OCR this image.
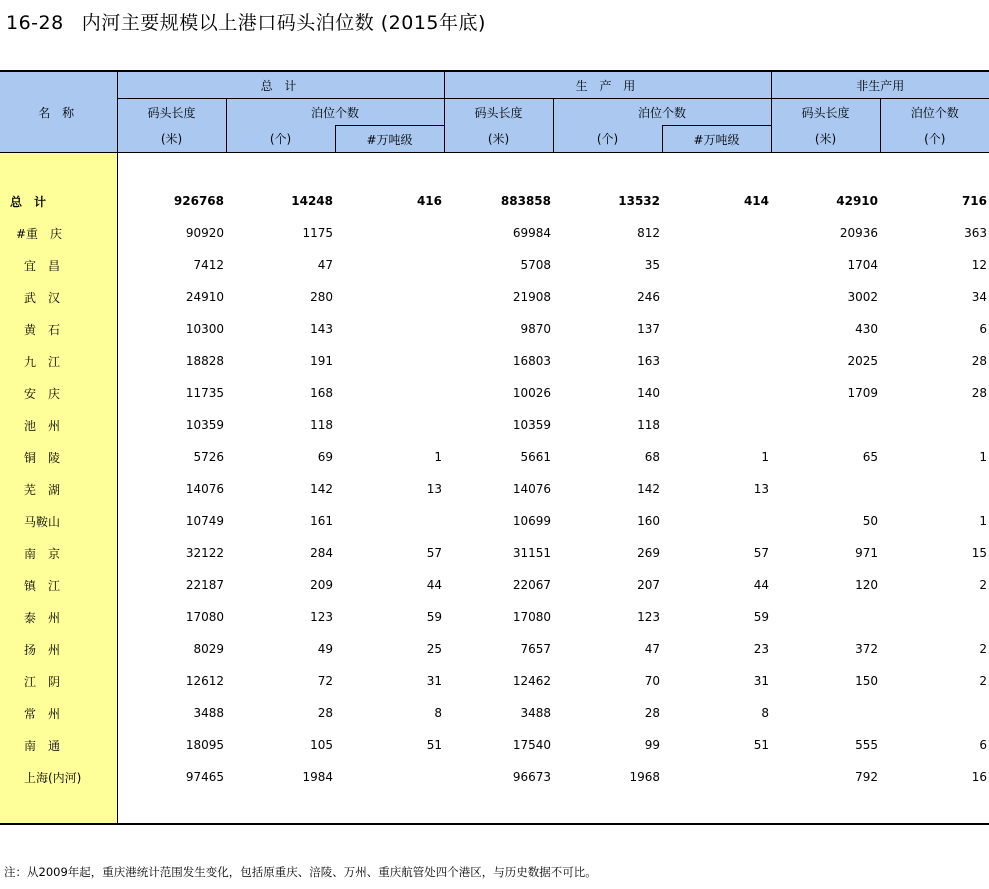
16-28 内河主要规模以上港口码头泊位数 (2015年底)
名 称	总 计			生 产 用			非生产用	
	码头长度	泊位个数		码头长度	泊位个数		码头长度	泊位个数
	(米)	(个)	#万吨级	(米)	(个)	#万吨级	(米)	(个)

总　计	926768	14248	416	883858	13532	414	42910	716
#重　庆	90920	1175		69984	812		20936	363
宜　昌	7412	47		5708	35		1704	12
武　汉	24910	280		21908	246		3002	34
黄　石	10300	143		9870	137		430	6
九　江	18828	191		16803	163		2025	28
安　庆	11735	168		10026	140		1709	28
池　州	10359	118		10359	118			
铜　陵	5726	69	1	5661	68	1	65	1
芜　湖	14076	142	13	14076	142	13		
马鞍山	10749	161		10699	160		50	1
南　京	32122	284	57	31151	269	57	971	15
镇　江	22187	209	44	22067	207	44	120	2
泰　州	17080	123	59	17080	123	59		
扬　州	8029	49	25	7657	47	23	372	2
江　阴	12612	72	31	12462	70	31	150	2
常　州	3488	28	8	3488	28	8		
南　通	18095	105	51	17540	99	51	555	6
上海(内河)	97465	1984		96673	1968		792	16

注：从2009年起，重庆港统计范围发生变化，包括原重庆、涪陵、万州、重庆航管处四个港区，与历史数据不可比。
